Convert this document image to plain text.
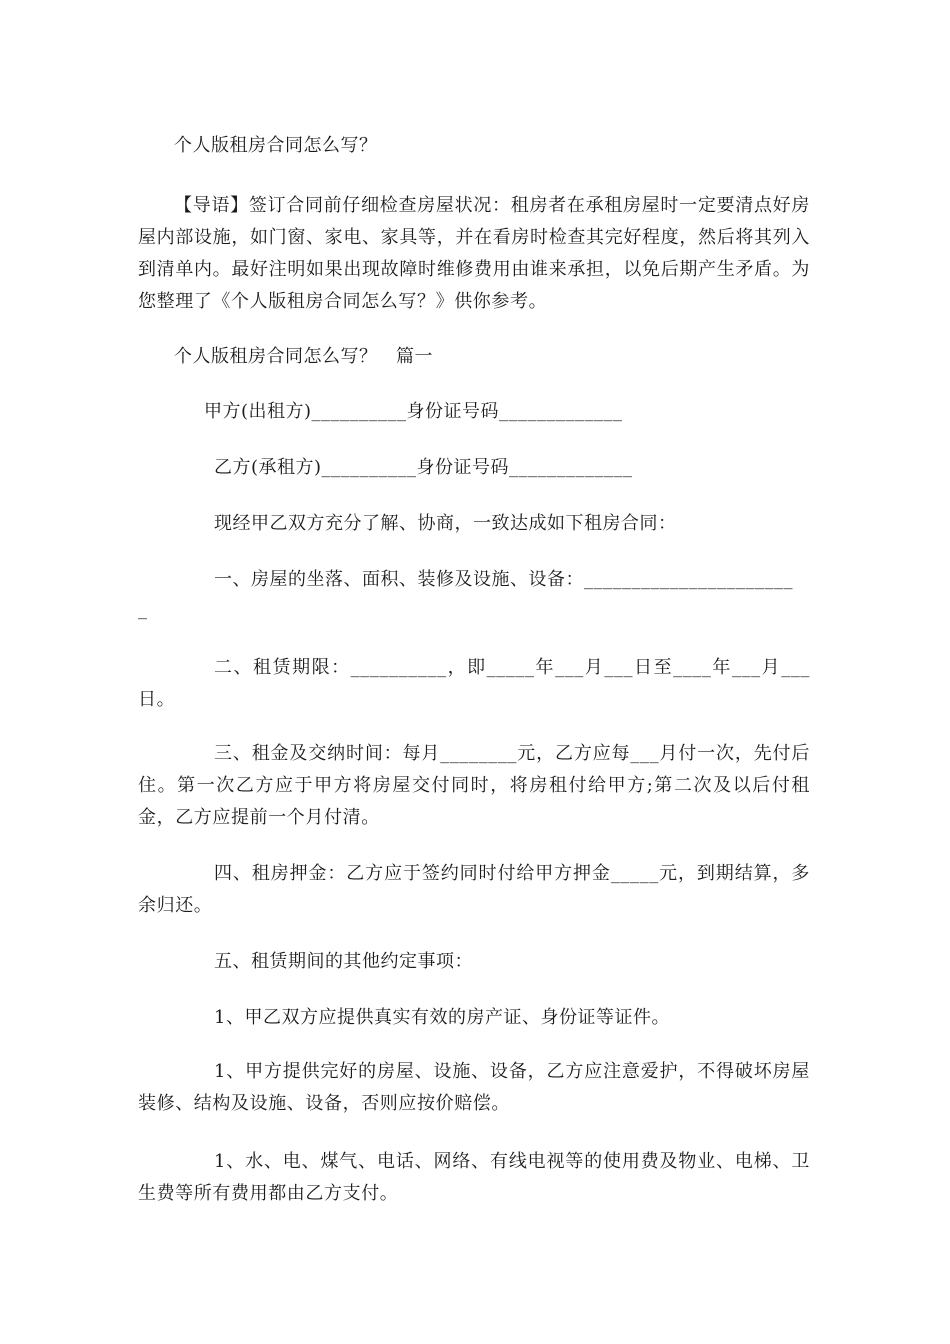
个人版租房合同怎么写？
【导语】签订合同前仔细检查房屋状况：租房者在承租房屋时一定要清点好房屋内部设施，如门窗、家电、家具等，并在看房时检查其完好程度，然后将其列入到清单内。最好注明如果出现故障时维修费用由谁来承担，以免后期产生矛盾。为您整理了《个人版租房合同怎么写？》供你参考。
个人版租房合同怎么写？　篇一
甲方(出租方)__________身份证号码_____________
乙方(承租方)__________身份证号码_____________
现经甲乙双方充分了解、协商，一致达成如下租房合同：
一、房屋的坐落、面积、装修及设施、设备：______________________
_
二、租赁期限：__________，即_____年___月___日至____年___月___日。
三、租金及交纳时间：每月________元，乙方应每___月付一次，先付后住。第一次乙方应于甲方将房屋交付同时，将房租付给甲方;第二次及以后付租金，乙方应提前一个月付清。
四、租房押金：乙方应于签约同时付给甲方押金_____元，到期结算，多余归还。
五、租赁期间的其他约定事项：
1、甲乙双方应提供真实有效的房产证、身份证等证件。
1、甲方提供完好的房屋、设施、设备，乙方应注意爱护，不得破坏房屋装修、结构及设施、设备，否则应按价赔偿。
1、水、电、煤气、电话、网络、有线电视等的使用费及物业、电梯、卫生费等所有费用都由乙方支付。
